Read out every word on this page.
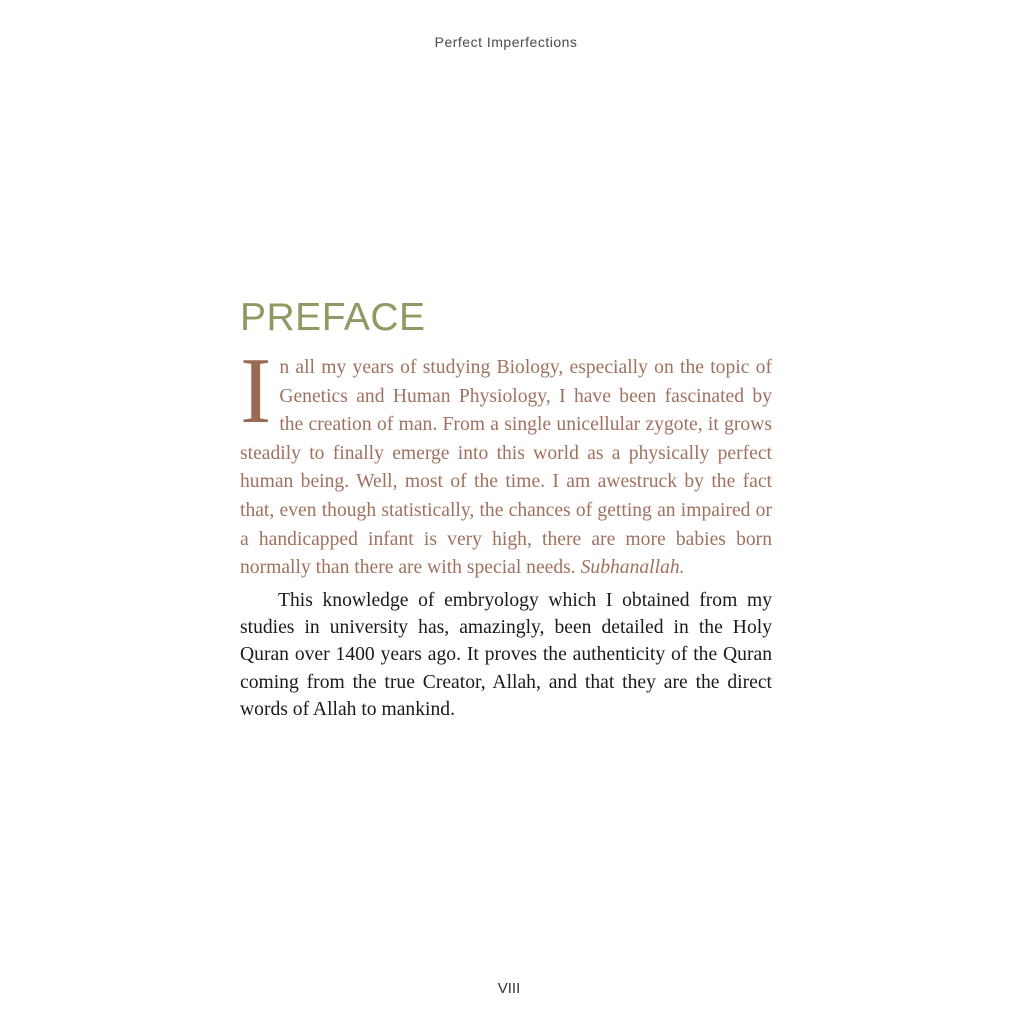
Perfect Imperfections
PREFACE

In all my years of studying Biology, especially on the topic of Genetics and Human Physiology, I have been fascinated by the creation of man. From a single unicellular zygote, it grows steadily to finally emerge into this world as a physically perfect human being. Well, most of the time. I am awestruck by the fact that, even though statistically, the chances of getting an impaired or a handicapped infant is very high, there are more babies born normally than there are with special needs. Subhanallah.

This knowledge of embryology which I obtained from my studies in university has, amazingly, been detailed in the Holy Quran over 1400 years ago. It proves the authenticity of the Quran coming from the true Creator, Allah, and that they are the direct words of Allah to mankind.

VIII
